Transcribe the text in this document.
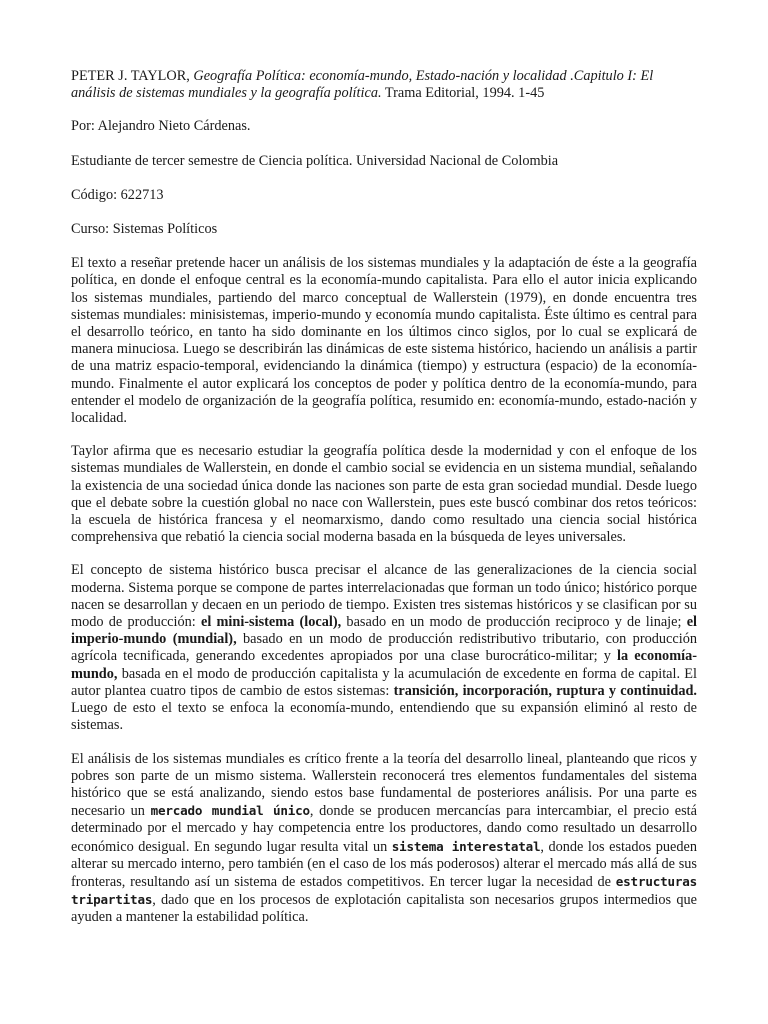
PETER J. TAYLOR, Geografía Política: economía-mundo, Estado-nación y localidad .Capitulo I: El análisis de sistemas mundiales y la geografía política. Trama Editorial, 1994. 1-45

Por: Alejandro Nieto Cárdenas.

Estudiante de tercer semestre de Ciencia política. Universidad Nacional de Colombia

Código: 622713

Curso: Sistemas Políticos

El texto a reseñar pretende hacer un análisis de los sistemas mundiales y la adaptación de éste a la geografía política, en donde el enfoque central es la economía-mundo capitalista. Para ello el autor inicia explicando los sistemas mundiales, partiendo del marco conceptual de Wallerstein (1979), en donde encuentra tres sistemas mundiales: minisistemas, imperio-mundo y economía mundo capitalista. Éste último es central para el desarrollo teórico, en tanto ha sido dominante en los últimos cinco siglos, por lo cual se explicará de manera minuciosa. Luego se describirán las dinámicas de este sistema histórico, haciendo un análisis a partir de una matriz espacio-temporal, evidenciando la dinámica (tiempo) y estructura (espacio) de la economía-mundo. Finalmente el autor explicará los conceptos de poder y política dentro de la economía-mundo, para entender el modelo de organización de la geografía política, resumido en: economía-mundo, estado-nación y localidad.

Taylor afirma que es necesario estudiar la geografía política desde la modernidad y con el enfoque de los sistemas mundiales de Wallerstein, en donde el cambio social se evidencia en un sistema mundial, señalando la existencia de una sociedad única donde las naciones son parte de esta gran sociedad mundial. Desde luego que el debate sobre la cuestión global no nace con Wallerstein, pues este buscó combinar dos retos teóricos: la escuela de histórica francesa y el neomarxismo, dando como resultado una ciencia social histórica comprehensiva que rebatió la ciencia social moderna basada en la búsqueda de leyes universales.

El concepto de sistema histórico busca precisar el alcance de las generalizaciones de la ciencia social moderna. Sistema porque se compone de partes interrelacionadas que forman un todo único; histórico porque nacen se desarrollan y decaen en un periodo de tiempo. Existen tres sistemas históricos y se clasifican por su modo de producción: el mini-sistema (local), basado en un modo de producción reciproco y de linaje; el imperio-mundo (mundial), basado en un modo de producción redistributivo tributario, con producción agrícola tecnificada, generando excedentes apropiados por una clase burocrático-militar; y la economía-mundo, basada en el modo de producción capitalista y la acumulación de excedente en forma de capital. El autor plantea cuatro tipos de cambio de estos sistemas: transición, incorporación, ruptura y continuidad. Luego de esto el texto se enfoca la economía-mundo, entendiendo que su expansión eliminó al resto de sistemas.

El análisis de los sistemas mundiales es crítico frente a la teoría del desarrollo lineal, planteando que ricos y pobres son parte de un mismo sistema. Wallerstein reconocerá tres elementos fundamentales del sistema histórico que se está analizando, siendo estos base fundamental de posteriores análisis. Por una parte es necesario un mercado mundial único, donde se producen mercancías para intercambiar, el precio está determinado por el mercado y hay competencia entre los productores, dando como resultado un desarrollo económico desigual. En segundo lugar resulta vital un sistema interestatal, donde los estados pueden alterar su mercado interno, pero también (en el caso de los más poderosos) alterar el mercado más allá de sus fronteras, resultando así un sistema de estados competitivos. En tercer lugar la necesidad de estructuras tripartitas, dado que en los procesos de explotación capitalista son necesarios grupos intermedios que ayuden a mantener la estabilidad política.
